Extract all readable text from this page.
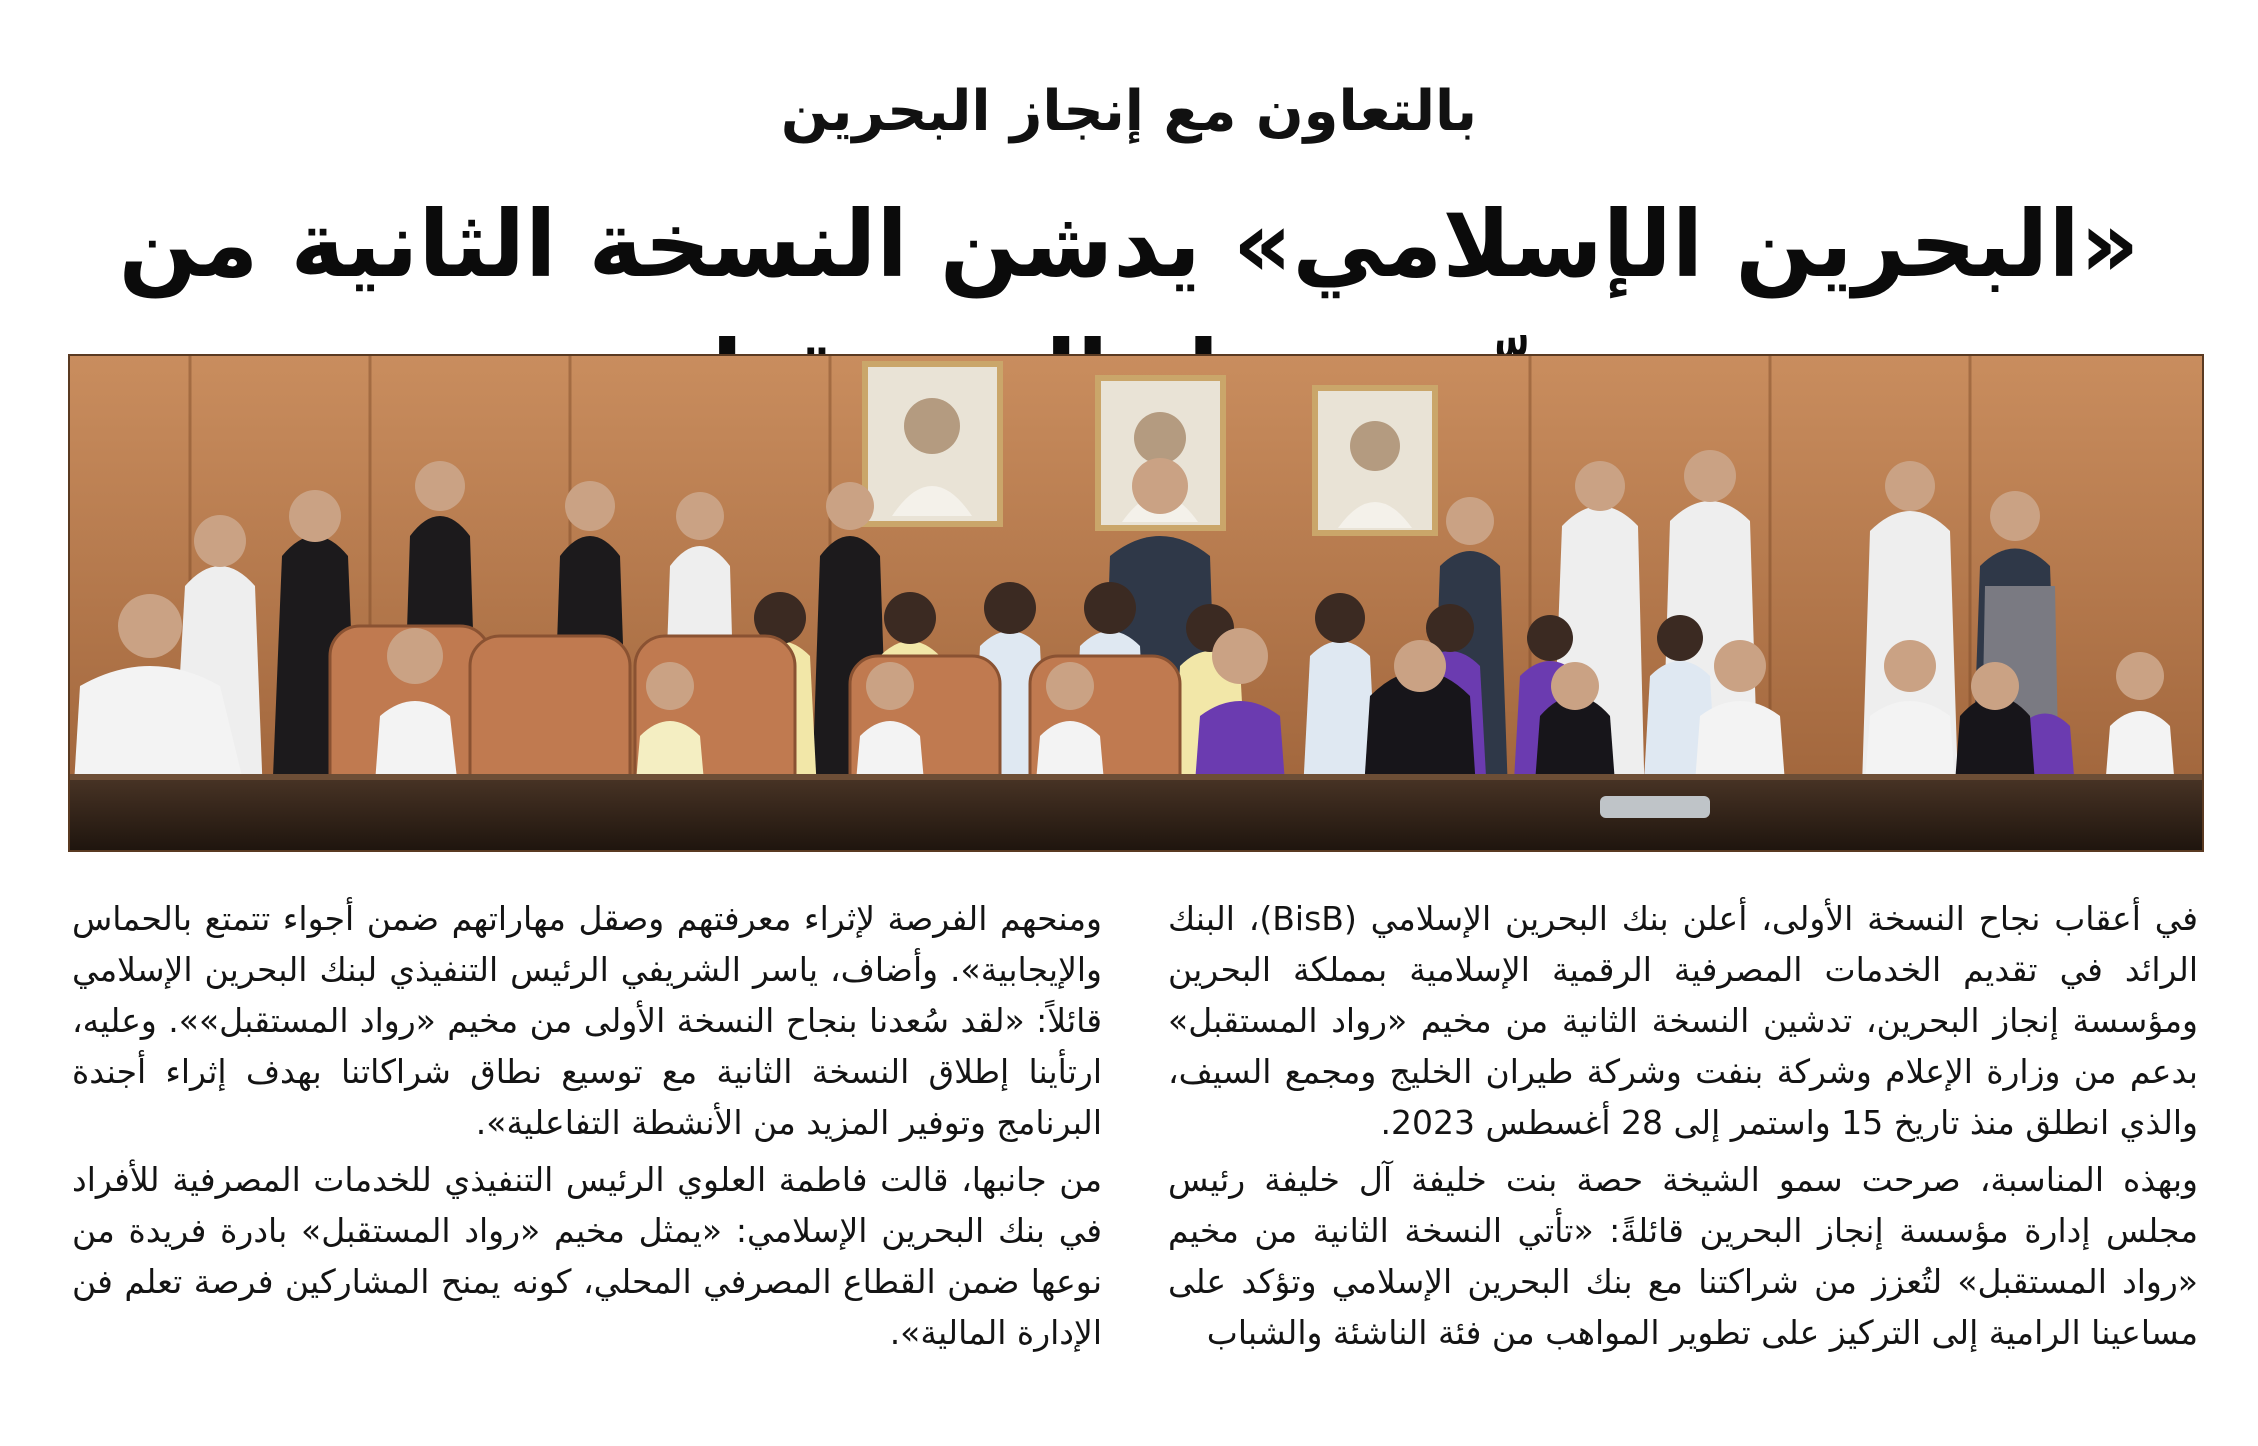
بالتعاون مع إنجاز البحرين
«البحرين الإسلامي» يدشن النسخة الثانية من

في أعقاب نجاح النسخة الأولى، أعلن بنك البحرين الإسلامي (BisB)، البنك الرائد في تقديم الخدمات المصرفية الرقمية الإسلامية بمملكة البحرين ومؤسسة إنجاز البحرين، تدشين النسخة الثانية من مخيم «رواد المستقبل» بدعم من وزارة الإعلام وشركة بنفت وشركة طيران الخليج ومجمع السيف، والذي انطلق منذ تاريخ 15 واستمر إلى 28 أغسطس 2023.

وبهذه المناسبة، صرحت سمو الشيخة حصة بنت خليفة آل خليفة رئيس مجلس إدارة مؤسسة إنجاز البحرين قائلةً: «تأتي النسخة الثانية من مخيم «رواد المستقبل» لتُعزز من شراكتنا مع بنك البحرين الإسلامي وتؤكد على مساعينا الرامية إلى التركيز على تطوير المواهب من فئة الناشئة والشباب

ومنحهم الفرصة لإثراء معرفتهم وصقل مهاراتهم ضمن أجواء تتمتع بالحماس والإيجابية». وأضاف، ياسر الشريفي الرئيس التنفيذي لبنك البحرين الإسلامي قائلاً: «لقد سُعدنا بنجاح النسخة الأولى من مخيم «رواد المستقبل»». وعليه، ارتأينا إطلاق النسخة الثانية مع توسيع نطاق شراكاتنا بهدف إثراء أجندة البرنامج وتوفير المزيد من الأنشطة التفاعلية».

من جانبها، قالت فاطمة العلوي الرئيس التنفيذي للخدمات المصرفية للأفراد في بنك البحرين الإسلامي: «يمثل مخيم «رواد المستقبل» بادرة فريدة من نوعها ضمن القطاع المصرفي المحلي، كونه يمنح المشاركين فرصة تعلم فن الإدارة المالية».
